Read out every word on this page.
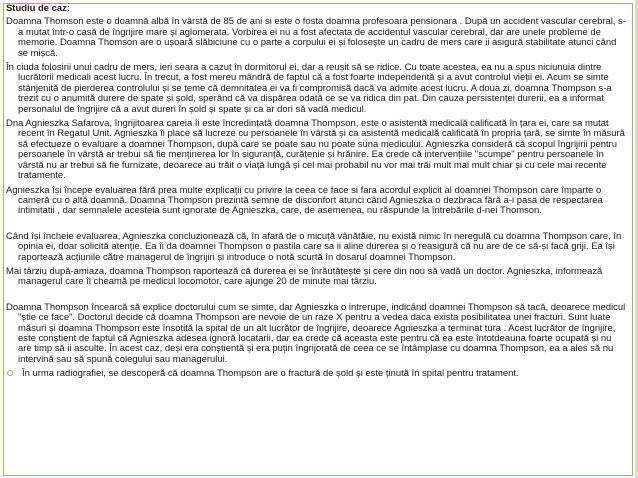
Studiu de caz:
Doamna Thomson este o doamnă albă în vârstă de 85 de ani si este o fosta doamna profesoara pensionara . După un accident vascular cerebral, s-a mutat într-o casă de îngrijire mare și aglomerata. Vorbirea ei nu a fost afectata de accidentul vascular cerebral, dar are unele probleme de memorie. Doamna Thomson are o ușoară slăbiciune cu o parte a corpului ei și folosește un cadru de mers care ii asigură stabilitate atunci când se mișcă.
În ciuda folosirii unui cadru de mers, ieri seara a cazut în dormitorul ei, dar a reușit să se ridice. Cu toate acestea, ea nu a spus niciunuia dintre lucrătorii medicali acest lucru. În trecut, a fost mereu mândră de faptul că a fost foarte independentă și a avut controlul vieții ei. Acum se simte stânjenită de pierderea controlului și se teme că demnitatea ei va fi compromisă dacă va admite acest lucru. A doua zi, doamna Thompson s-a trezit cu o anumită durere de spate și șold, sperând că va dispărea odată ce se va ridica din pat. Din cauza persistenței durerii, ea a informat personalul de îngrijire că a avut dureri în șold și spate și ca ar dori să vadă medicul.
Dna Agnieszka Safarova, îngrijitoarea careia îi este încredințată doamna Thompson, este o asistentă medicală calificată în țara ei, care sa mutat recent în Regatul Unit. Agnieszka îi place să lucreze cu persoanele în vârstă și ca asistentă medicală calificată în propria țară, se simte în măsură să efectueze o evaluare a doamnei Thompson, după care se poate sau nu poate suna medicului. Agnieszka consideră că scopul îngrijirii pentru persoanele în vârstă ar trebui să fie menținerea lor în siguranță, curățenie și hrănire. Ea crede că intervențiile "scumpe" pentru persoanele în vârstă nu ar trebui să fie furnizate, deoarece au trăit o viață lungă și cel mai probabil nu vor mai trăi mult mai mult chiar și cu cele mai recente tratamente.
Agnieszka își începe evaluarea fără prea multe explicații cu privire la ceea ce face si fara acordul explicit al doamnei Thompson care împarte o cameră cu o altă doamnă. Doamna Thompson prezintă semne de disconfort atunci când Agnieszka o dezbraca fără a-i pasa de respectarea intimitatii , dar semnalele acesteia sunt ignorate de Agnieszka, care, de asemenea, nu răspunde la întrebările d-nei Thomson.
Când își încheie evaluarea, Agnieszka concluzionează că, în afară de o micuță vânătăie, nu există nimic în neregulă cu doamna Thompson care, în opinia ei, doar solicită atenție. Ea îi da doamnei Thompson o pastila care sa ii aline durerea și o reasigură că nu are de ce să-și facă griji. Ea își raportează acțiunile către managerul de îngrijiri și introduce o notă scurtă în dosarul doamnei Thompson.
Mai târziu după-amiaza, doamna Thompson raportează că durerea ei se înrăutățește și cere din nou să vadă un doctor. Agnieszka, informează managerul care îl cheamă pe medicul locomotor, care ajunge 20 de minute mai târziu.
Doamna Thompson încearcă să explice doctorului cum se simte, dar Agnieszka o intrerupe, indicând doamnei Thompson să tacă, deoarece medicul "știe ce face". Doctorul decide că doamna Thompson are nevoie de un raze X pentru a vedea daca exista posibilitatea unei fracturi. Sunt luate măsuri și doamna Thompson este însoțită la spital de un alt lucrător de îngrijire, deoarece Agnieszka a terminat tura . Acest lucrător de îngrijire, este conștient de faptul că Agnieszka adesea ignoră locatarii, dar ea crede că aceasta este pentru că ea este întotdeauna foarte ocupată și nu are timp să ii asculte. În acest caz, deși era conștientă și era puțin îngrijorată de ceea ce se întâmplase cu doamna Thompson, ea a ales să nu intervină sau să spună colegului sau managerului.
În urma radiografiei, se descoperă că doamna Thompson are o fractură de șold și este ținută în spital pentru tratament.
